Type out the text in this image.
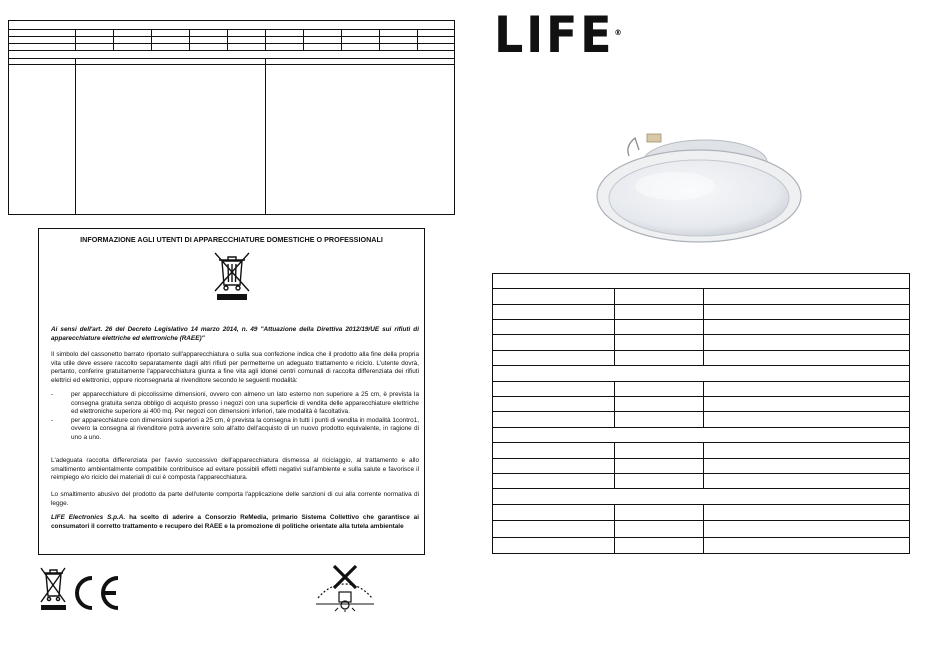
INFORMAZIONE AGLI UTENTI DI APPARECCHIATURE DOMESTICHE O PROFESSIONALI

Ai sensi dell'art. 26 del Decreto Legislativo 14 marzo 2014, n. 49 "Attuazione della Direttiva 2012/19/UE sui rifiuti di apparecchiature elettriche ed elettroniche (RAEE)"

Il simbolo del cassonetto barrato riportato sull'apparecchiatura o sulla sua confezione indica che il prodotto alla fine della propria vita utile deve essere raccolto separatamente dagli altri rifiuti per permetterne un adeguato trattamento e riciclo. L'utente dovrà, pertanto, conferire gratuitamente l'apparecchiatura giunta a fine vita agli idonei centri comunali di raccolta differenziata dei rifiuti elettrici ed elettronici, oppure riconsegnarla al rivenditore secondo le seguenti modalità:

- per apparecchiature di piccolissime dimensioni, ovvero con almeno un lato esterno non superiore a 25 cm, è prevista la consegna gratuita senza obbligo di acquisto presso i negozi con una superficie di vendita delle apparecchiature elettriche ed elettroniche superiore ai 400 mq. Per negozi con dimensioni inferiori, tale modalità è facoltativa.
- per apparecchiature con dimensioni superiori a 25 cm, è prevista la consegna in tutti i punti di vendita in modalità 1contro1, ovvero la consegna al rivenditore potrà avvenire solo all'atto dell'acquisto di un nuovo prodotto equivalente, in ragione di uno a uno.

L'adeguata raccolta differenziata per l'avvio successivo dell'apparecchiatura dismessa al riciclaggio, al trattamento e allo smaltimento ambientalmente compatibile contribuisce ad evitare possibili effetti negativi sull'ambiente e sulla salute e favorisce il reimpiego e/o riciclo dei materiali di cui è composta l'apparecchiatura.

Lo smaltimento abusivo del prodotto da parte dell'utente comporta l'applicazione delle sanzioni di cui alla corrente normativa di legge.

LIFE Electronics S.p.A. ha scelto di aderire a Consorzio ReMedia, primario Sistema Collettivo che garantisce ai consumatori il corretto trattamento e recupero dei RAEE e la promozione di politiche orientate alla tutela ambientale

LIFE®
